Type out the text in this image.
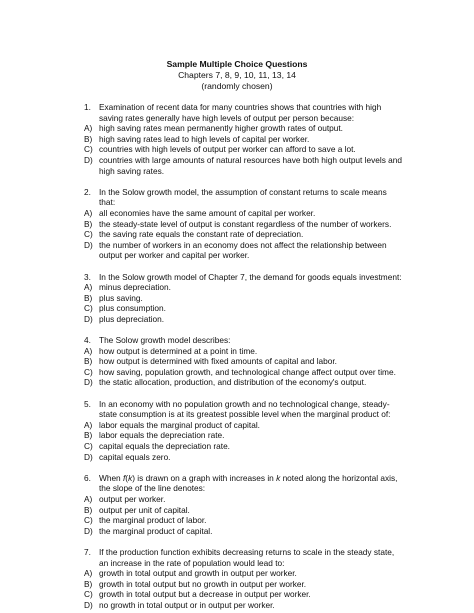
Sample Multiple Choice Questions
Chapters 7, 8, 9, 10, 11, 13, 14
(randomly chosen)
1. Examination of recent data for many countries shows that countries with high saving rates generally have high levels of output per person because:
A) high saving rates mean permanently higher growth rates of output.
B) high saving rates lead to high levels of capital per worker.
C) countries with high levels of output per worker can afford to save a lot.
D) countries with large amounts of natural resources have both high output levels and high saving rates.
2. In the Solow growth model, the assumption of constant returns to scale means that:
A) all economies have the same amount of capital per worker.
B) the steady-state level of output is constant regardless of the number of workers.
C) the saving rate equals the constant rate of depreciation.
D) the number of workers in an economy does not affect the relationship between output per worker and capital per worker.
3. In the Solow growth model of Chapter 7, the demand for goods equals investment:
A) minus depreciation.
B) plus saving.
C) plus consumption.
D) plus depreciation.
4. The Solow growth model describes:
A) how output is determined at a point in time.
B) how output is determined with fixed amounts of capital and labor.
C) how saving, population growth, and technological change affect output over time.
D) the static allocation, production, and distribution of the economy's output.
5. In an economy with no population growth and no technological change, steady-state consumption is at its greatest possible level when the marginal product of:
A) labor equals the marginal product of capital.
B) labor equals the depreciation rate.
C) capital equals the depreciation rate.
D) capital equals zero.
6. When f(k) is drawn on a graph with increases in k noted along the horizontal axis, the slope of the line denotes:
A) output per worker.
B) output per unit of capital.
C) the marginal product of labor.
D) the marginal product of capital.
7. If the production function exhibits decreasing returns to scale in the steady state, an increase in the rate of population would lead to:
A) growth in total output and growth in output per worker.
B) growth in total output but no growth in output per worker.
C) growth in total output but a decrease in output per worker.
D) no growth in total output or in output per worker.
